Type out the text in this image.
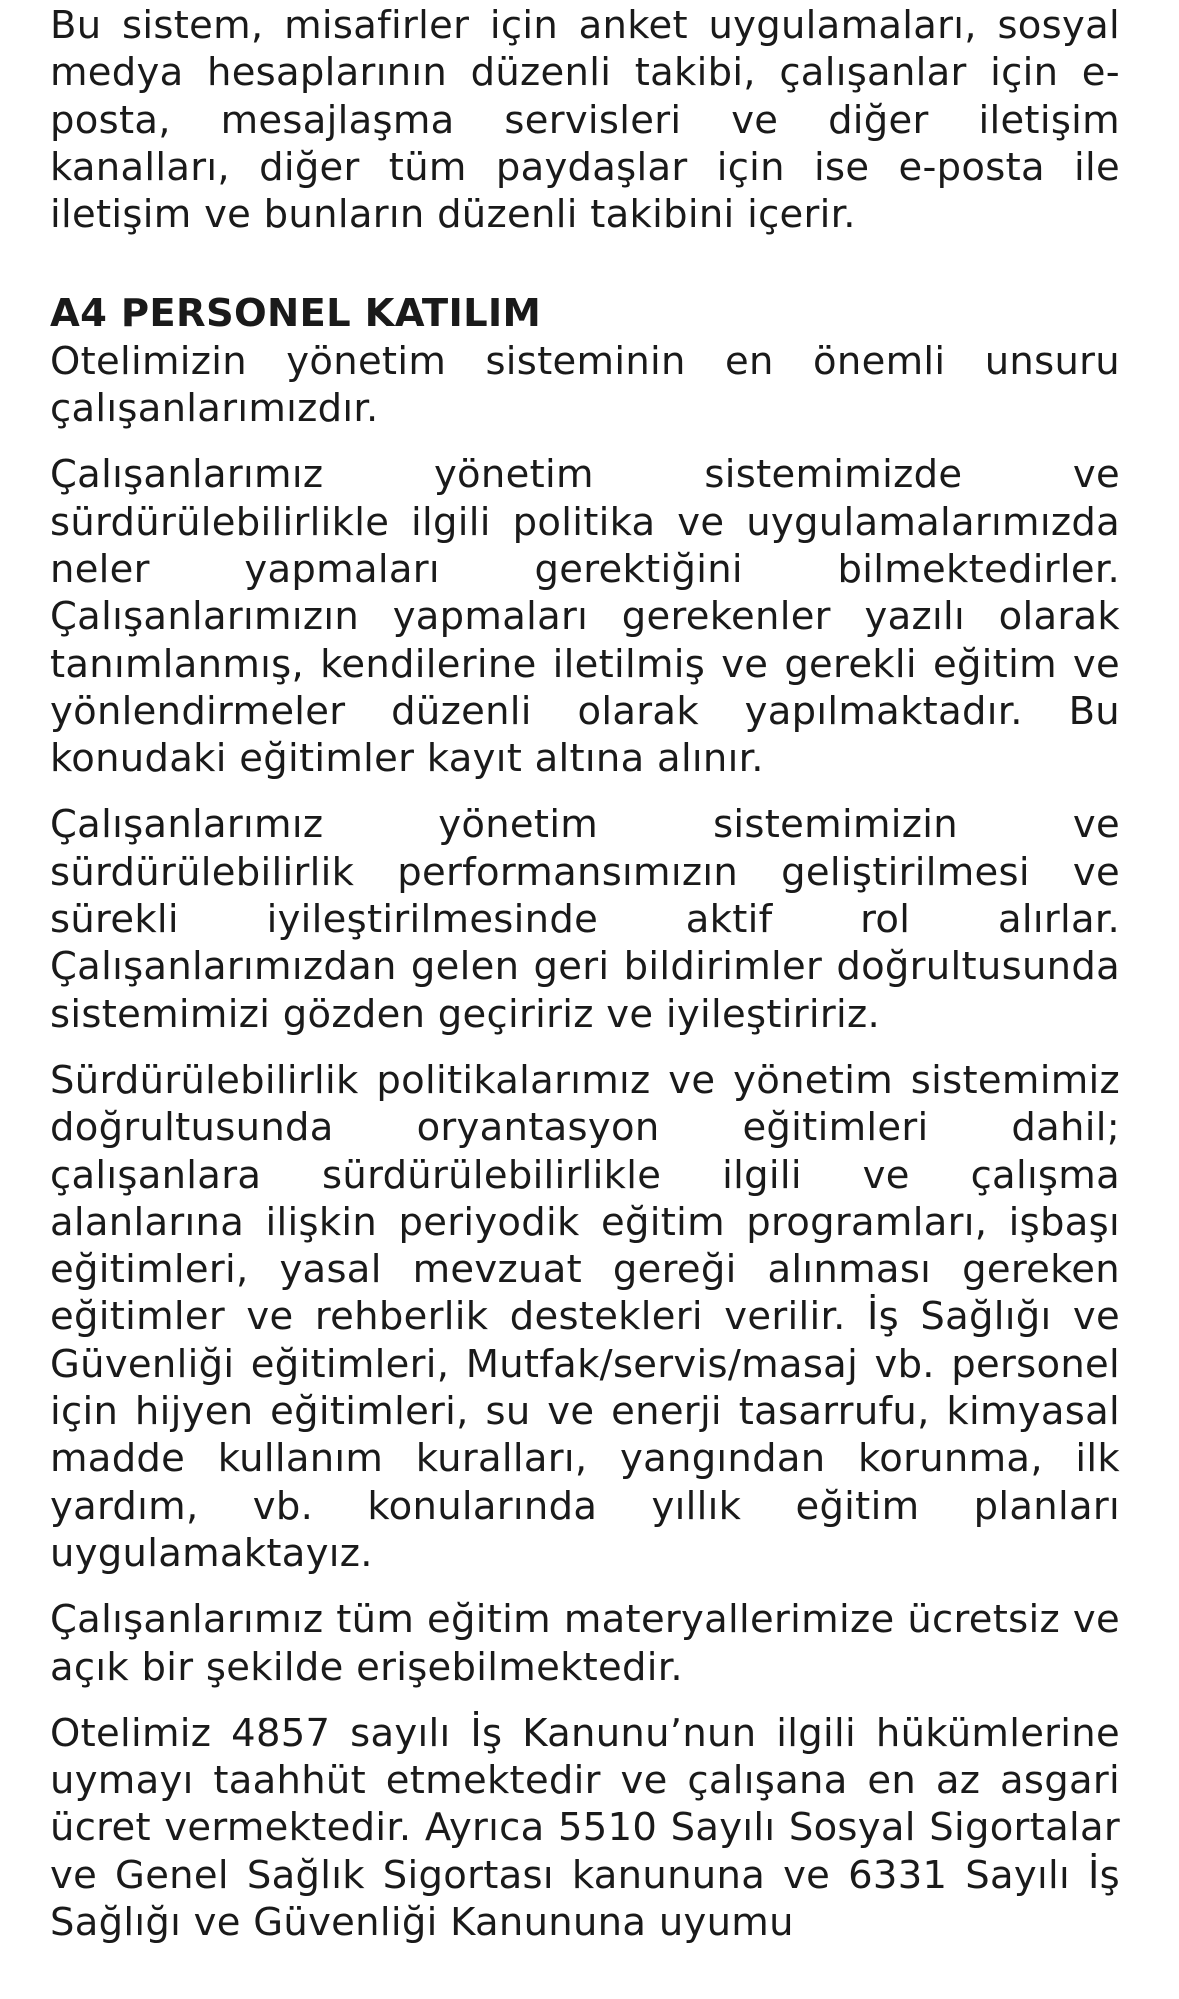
Bu sistem, misafirler için anket uygulamaları, sosyal medya hesaplarının düzenli takibi, çalışanlar için e-posta, mesajlaşma servisleri ve diğer iletişim kanalları, diğer tüm paydaşlar için ise e-posta ile iletişim ve bunların düzenli takibini içerir.

A4 PERSONEL KATILIM

Otelimizin yönetim sisteminin en önemli unsuru çalışanlarımızdır.

Çalışanlarımız yönetim sistemimizde ve sürdürülebilirlikle ilgili politika ve uygulamalarımızda neler yapmaları gerektiğini bilmektedirler. Çalışanlarımızın yapmaları gerekenler yazılı olarak tanımlanmış, kendilerine iletilmiş ve gerekli eğitim ve yönlendirmeler düzenli olarak yapılmaktadır. Bu konudaki eğitimler kayıt altına alınır.

Çalışanlarımız yönetim sistemimizin ve sürdürülebilirlik performansımızın geliştirilmesi ve sürekli iyileştirilmesinde aktif rol alırlar. Çalışanlarımızdan gelen geri bildirimler doğrultusunda sistemimizi gözden geçiririz ve iyileştiririz.

Sürdürülebilirlik politikalarımız ve yönetim sistemimiz doğrultusunda oryantasyon eğitimleri dahil; çalışanlara sürdürülebilirlikle ilgili ve çalışma alanlarına ilişkin periyodik eğitim programları, işbaşı eğitimleri, yasal mevzuat gereği alınması gereken eğitimler ve rehberlik destekleri verilir. İş Sağlığı ve Güvenliği eğitimleri, Mutfak/servis/masaj vb. personel için hijyen eğitimleri, su ve enerji tasarrufu, kimyasal madde kullanım kuralları, yangından korunma, ilk yardım, vb. konularında yıllık eğitim planları uygulamaktayız.

Çalışanlarımız tüm eğitim materyallerimize ücretsiz ve açık bir şekilde erişebilmektedir.

Otelimiz 4857 sayılı İş Kanunu’nun ilgili hükümlerine uymayı taahhüt etmektedir ve çalışana en az asgari ücret vermektedir. Ayrıca 5510 Sayılı Sosyal Sigortalar ve Genel Sağlık Sigortası kanununa ve 6331 Sayılı İş Sağlığı ve Güvenliği Kanununa uyumu
